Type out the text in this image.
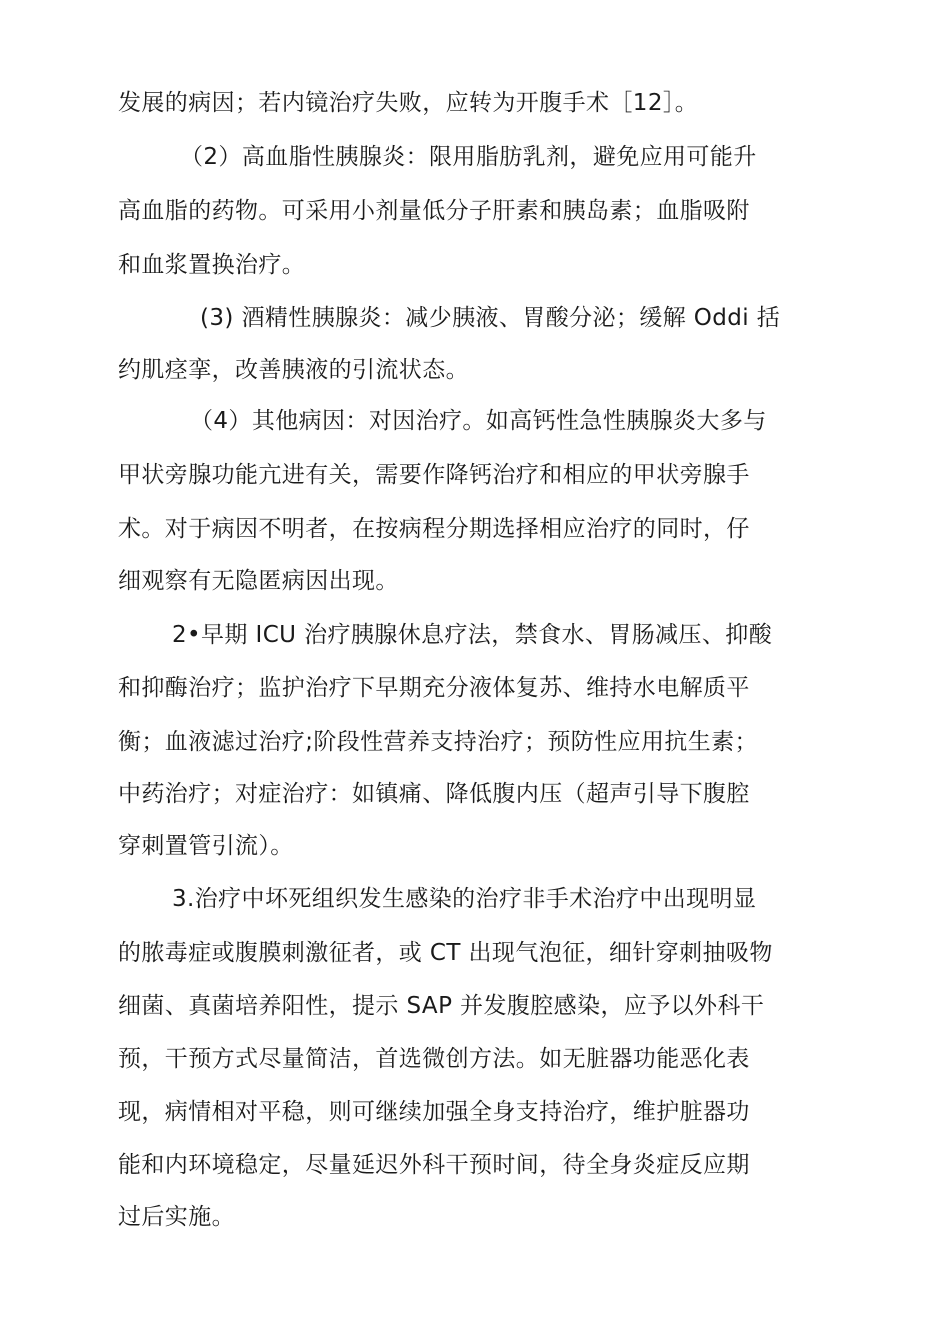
发展的病因；若内镜治疗失败，应转为开腹手术［12］。
（2）高血脂性胰腺炎：限用脂肪乳剂，避免应用可能升
高血脂的药物。可采用小剂量低分子肝素和胰岛素；血脂吸附
和血浆置换治疗。
(3) 酒精性胰腺炎：减少胰液、胃酸分泌；缓解 Oddi 括
约肌痉挛，改善胰液的引流状态。
（4）其他病因：对因治疗。如高钙性急性胰腺炎大多与
甲状旁腺功能亢进有关，需要作降钙治疗和相应的甲状旁腺手
术。对于病因不明者，在按病程分期选择相应治疗的同时，仔
细观察有无隐匿病因出现。
2•早期 ICU 治疗胰腺休息疗法，禁食水、胃肠减压、抑酸
和抑酶治疗；监护治疗下早期充分液体复苏、维持水电解质平
衡；血液滤过治疗;阶段性营养支持治疗；预防性应用抗生素；
中药治疗；对症治疗：如镇痛、降低腹内压（超声引导下腹腔
穿刺置管引流）。
3.治疗中坏死组织发生感染的治疗非手术治疗中出现明显
的脓毒症或腹膜刺激征者，或 CT 出现气泡征，细针穿刺抽吸物
细菌、真菌培养阳性，提示 SAP 并发腹腔感染，应予以外科干
预，干预方式尽量简洁，首选微创方法。如无脏器功能恶化表
现，病情相对平稳，则可继续加强全身支持治疗，维护脏器功
能和内环境稳定，尽量延迟外科干预时间，待全身炎症反应期
过后实施。
